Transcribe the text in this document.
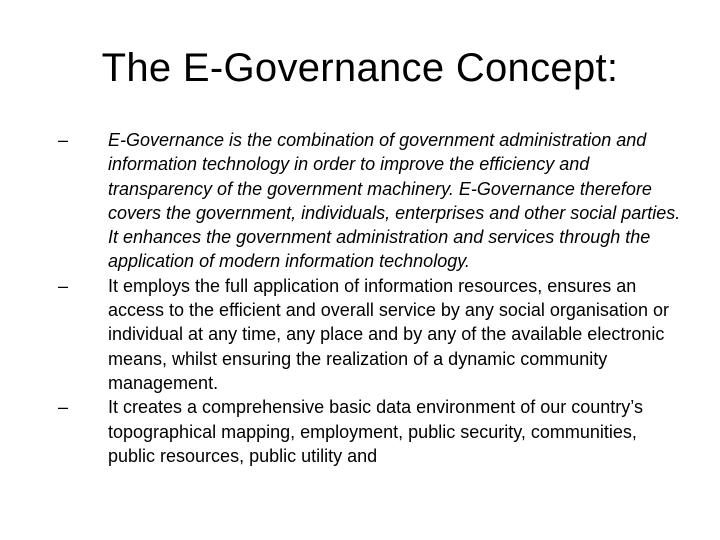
The E-Governance Concept:
– E-Governance is the combination of government administration and information technology in order to improve the efficiency and transparency of the government machinery. E-Governance therefore covers the government, individuals, enterprises and other social parties. It enhances the government administration and services through the application of modern information technology.
– It employs the full application of information resources, ensures an access to the efficient and overall service by any social organisation or individual at any time, any place and by any of the available electronic means, whilst ensuring the realization of a dynamic community management.
– It creates a comprehensive basic data environment of our country’s topographical mapping, employment, public security, communities, public resources, public utility and
